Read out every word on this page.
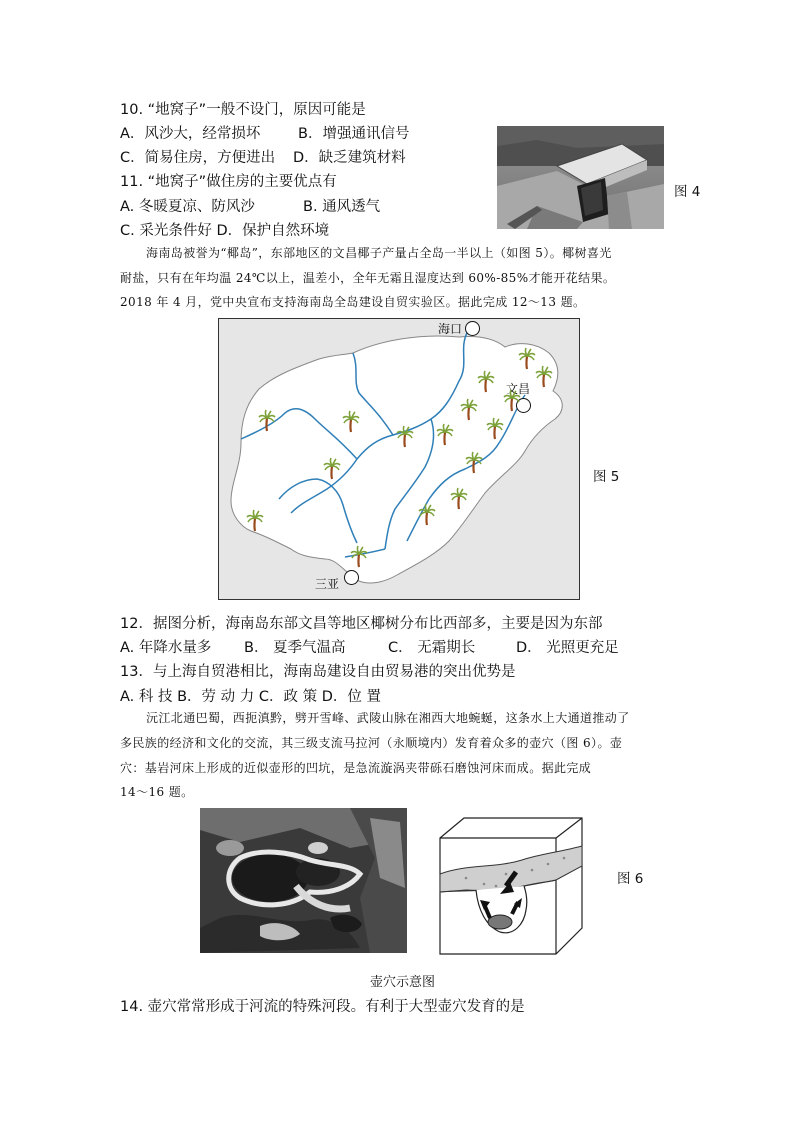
10. “地窝子”一般不设门，原因可能是
A．风沙大，经常损坏	B．增强通讯信号
C．简易住房，方便进出 D．缺乏建筑材料
11. “地窝子”做住房的主要优点有
A. 冬暖夏凉、防风沙	B. 通风透气
C. 采光条件好 D．保护自然环境
图 4
海南岛被誉为“椰岛”，东部地区的文昌椰子产量占全岛一半以上（如图 5）。椰树喜光
耐盐，只有在年均温 24℃以上，温差小，全年无霜且湿度达到 60%-85%才能开花结果。
2018 年 4 月，党中央宣布支持海南岛全岛建设自贸实验区。据此完成 12～13 题。
海口
文昌
三亚
图 5
12．据图分析，海南岛东部文昌等地区椰树分布比西部多，主要是因为东部
A. 年降水量多 B． 夏季气温高	C． 无霜期长	D． 光照更充足
13．与上海自贸港相比，海南岛建设自由贸易港的突出优势是
A. 科 技 B．劳 动 力 C．政 策 D．位 置
沅江北通巴蜀，西扼滇黔，劈开雪峰、武陵山脉在湘西大地蜿蜒，这条水上大通道推动了
多民族的经济和文化的交流，其三级支流马拉河（永顺境内）发育着众多的壶穴（图 6）。壶
穴：基岩河床上形成的近似壶形的凹坑，是急流漩涡夹带砾石磨蚀河床而成。据此完成
14～16 题。
图 6
壶穴示意图
14. 壶穴常常形成于河流的特殊河段。有利于大型壶穴发育的是
